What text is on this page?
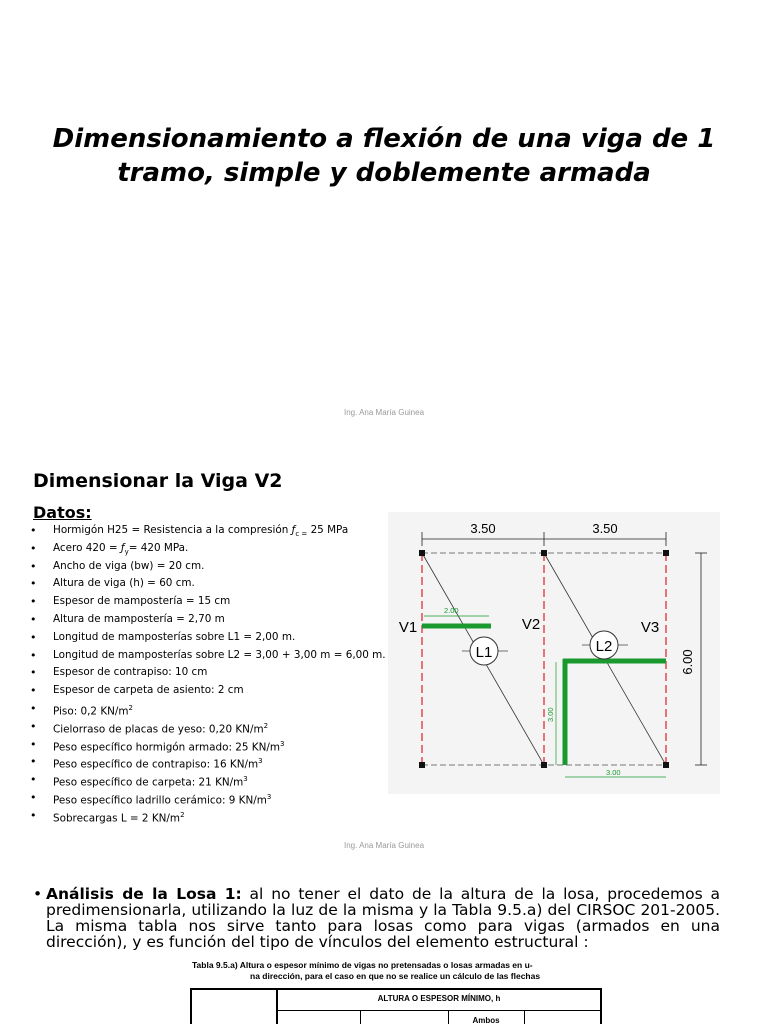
Dimensionamiento a flexión de una viga de 1 tramo, simple y doblemente armada
Ing. Ana María Guinea
Dimensionar la Viga V2
Datos:
• Hormigón H25 = Resistencia a la compresión $ƒ_{c =}$ 25 MPa
• Acero $420 = ƒ_y= 420$ MPa.
• Ancho de viga (bw) = 20 cm.
• Altura de viga (h) = 60 cm.
• Espesor de mampostería = 15 cm
• Altura de mampostería = 2,70 m
• Longitud de mamposterías sobre L1 = 2,00 m.
• Longitud de mamposterías sobre L2 = 3,00 + 3,00 m = 6,00 m.
• Espesor de contrapiso: 10 cm
• Espesor de carpeta de asiento: 2 cm
• Piso: 0,2 $KN/m^2$
• Cielorraso de placas de yeso: 0,20 $KN/m^2$
• Peso específico hormigón armado: 25 $KN/m^3$
• Peso específico de contrapiso: 16 $KN/m^3$
• Peso específico de carpeta: 21 $KN/m^3$
• Peso específico ladrillo cerámico: 9 $KN/m^3$
• Sobrecargas L = 2 $KN/m^2$
3.50	3.50
6.00
2.00
3.00
3.00
V1	V2	V3
L1	L2
Ing. Ana María Guinea
• Análisis de la Losa 1: al no tener el dato de la altura de la losa, procedemos a predimensionarla, utilizando la luz de la misma y la Tabla 9.5.a) del CIRSOC 201-2005. La misma tabla nos sirve tanto para losas como para vigas (armados en una dirección), y es función del tipo de vínculos del elemento estructural :
Tabla 9.5.a) Altura o espesor mínimo de vigas no pretensadas o losas armadas en u-
na dirección, para el caso en que no se realice un cálculo de las flechas
ALTURA O ESPESOR MÍNIMO, h
Ambos
